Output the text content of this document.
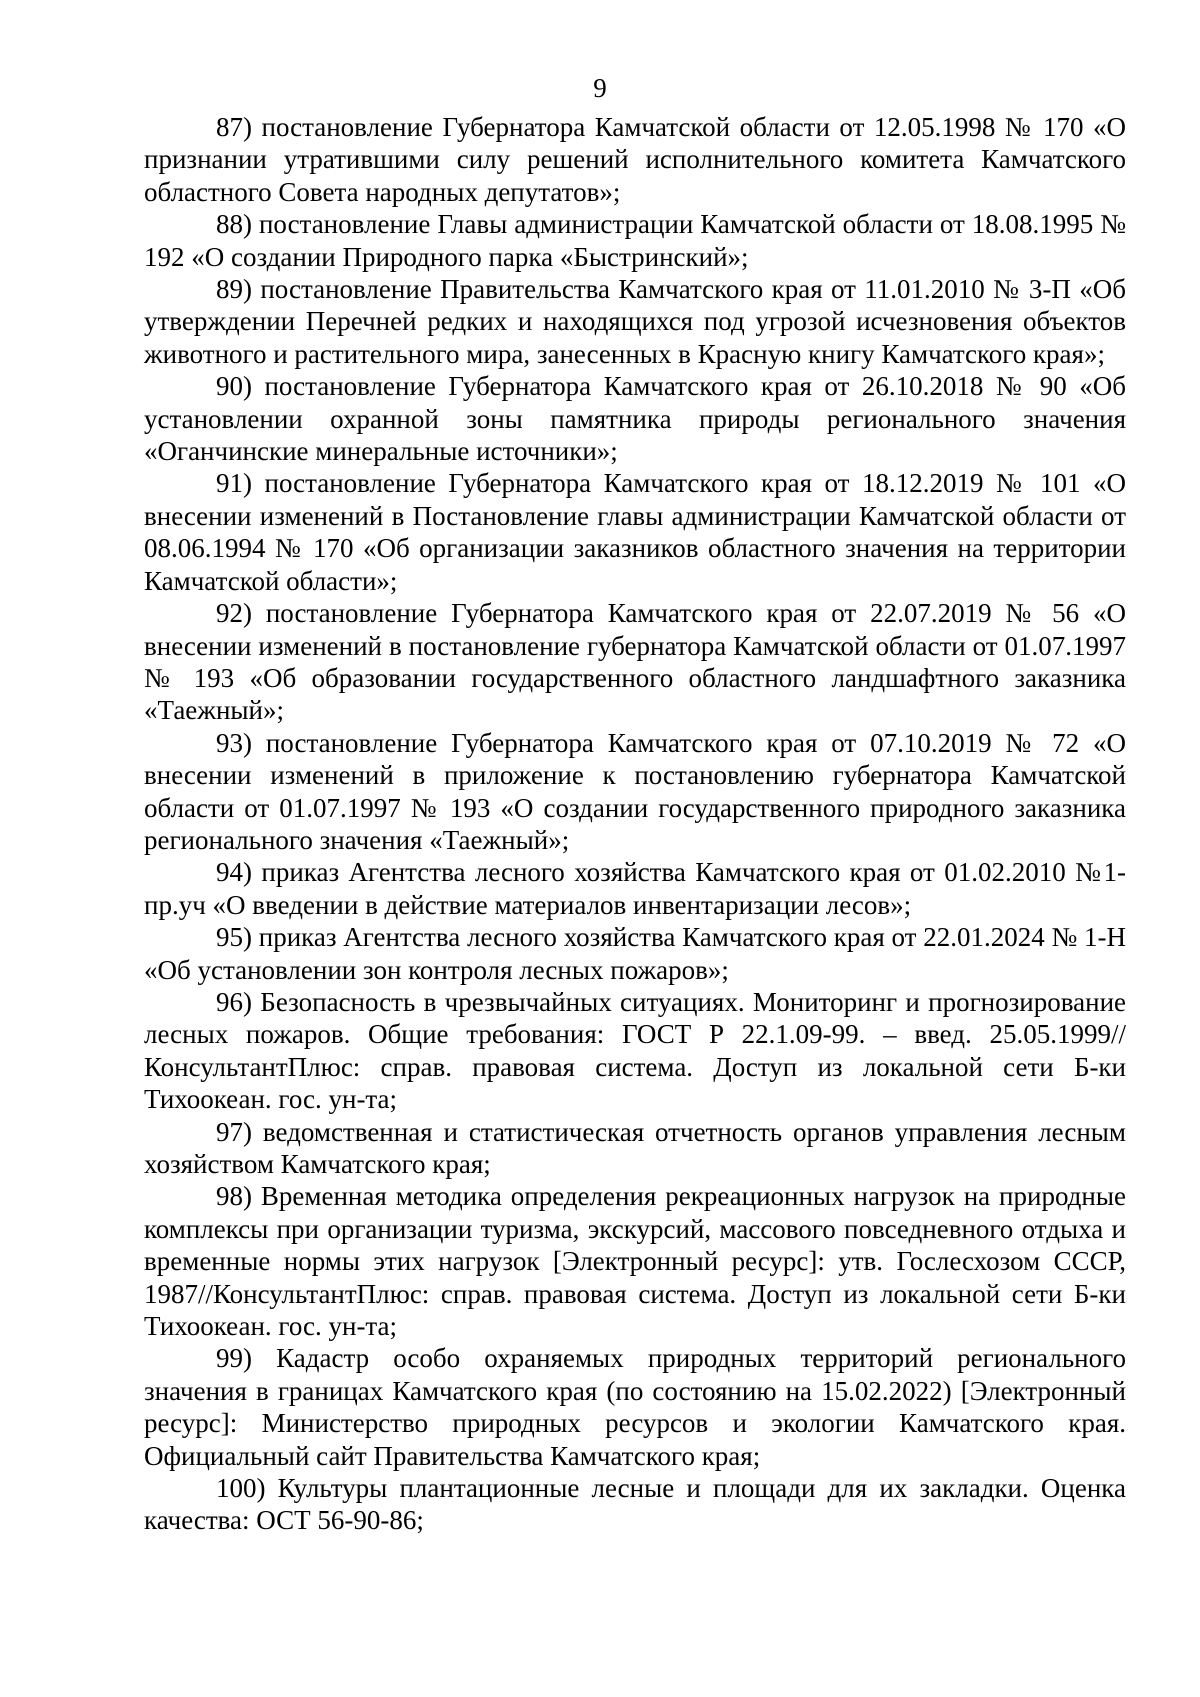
9

87) постановление Губернатора Камчатской области от 12.05.1998 № 170 «О признании утратившими силу решений исполнительного комитета Камчатского областного Совета народных депутатов»;

88) постановление Главы администрации Камчатской области от 18.08.1995 № 192 «О создании Природного парка «Быстринский»;

89) постановление Правительства Камчатского края от 11.01.2010 № 3-П «Об утверждении Перечней редких и находящихся под угрозой исчезновения объектов животного и растительного мира, занесенных в Красную книгу Камчатского края»;

90) постановление Губернатора Камчатского края от 26.10.2018 № 90 «Об установлении охранной зоны памятника природы регионального значения «Оганчинские минеральные источники»;

91) постановление Губернатора Камчатского края от 18.12.2019 № 101 «О внесении изменений в Постановление главы администрации Камчатской области от 08.06.1994 № 170 «Об организации заказников областного значения на территории Камчатской области»;

92) постановление Губернатора Камчатского края от 22.07.2019 № 56 «О внесении изменений в постановление губернатора Камчатской области от 01.07.1997 № 193 «Об образовании государственного областного ландшафтного заказника «Таежный»;

93) постановление Губернатора Камчатского края от 07.10.2019 № 72 «О внесении изменений в приложение к постановлению губернатора Камчатской области от 01.07.1997 № 193 «О создании государственного природного заказника регионального значения «Таежный»;

94) приказ Агентства лесного хозяйства Камчатского края от 01.02.2010 №1-пр.уч «О введении в действие материалов инвентаризации лесов»;

95) приказ Агентства лесного хозяйства Камчатского края от 22.01.2024 № 1-Н «Об установлении зон контроля лесных пожаров»;

96) Безопасность в чрезвычайных ситуациях. Мониторинг и прогнозирование лесных пожаров. Общие требования: ГОСТ Р 22.1.09-99. – введ. 25.05.1999// КонсультантПлюс: справ. правовая система. Доступ из локальной сети Б-ки Тихоокеан. гос. ун-та;

97) ведомственная и статистическая отчетность органов управления лесным хозяйством Камчатского края;

98) Временная методика определения рекреационных нагрузок на природные комплексы при организации туризма, экскурсий, массового повседневного отдыха и временные нормы этих нагрузок [Электронный ресурс]: утв. Гослесхозом СССР, 1987//КонсультантПлюс: справ. правовая система. Доступ из локальной сети Б-ки Тихоокеан. гос. ун-та;

99) Кадастр особо охраняемых природных территорий регионального значения в границах Камчатского края (по состоянию на 15.02.2022) [Электронный ресурс]: Министерство природных ресурсов и экологии Камчатского края. Официальный сайт Правительства Камчатского края;

100) Культуры плантационные лесные и площади для их закладки. Оценка качества: ОСТ 56-90-86;
